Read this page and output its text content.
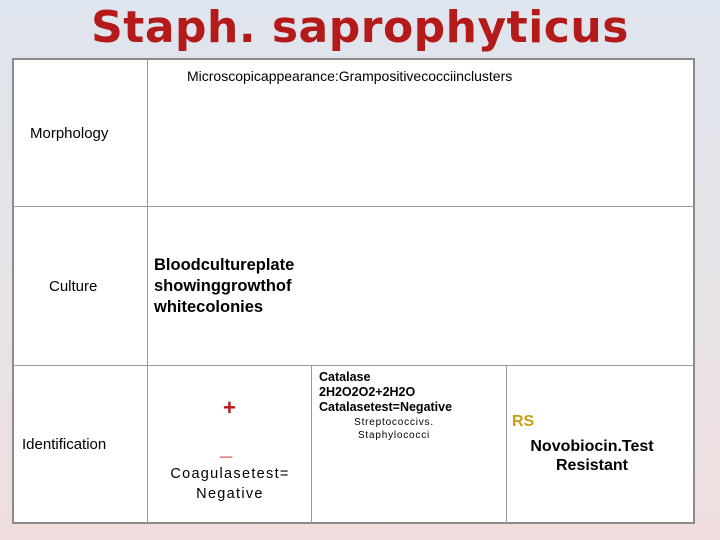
Staph. saprophyticus
Microscopicappearance:Grampositivecocciinclusters
Morphology
Culture
Identification
Bloodcultureplate
showinggrowthof
whitecolonies
+
_
Coagulasetest=
Negative
Catalase
2H2O2O2+2H2O
Catalasetest=Negative
Streptococcivs.
Staphylococci
RS
Novobiocin.Test
Resistant
